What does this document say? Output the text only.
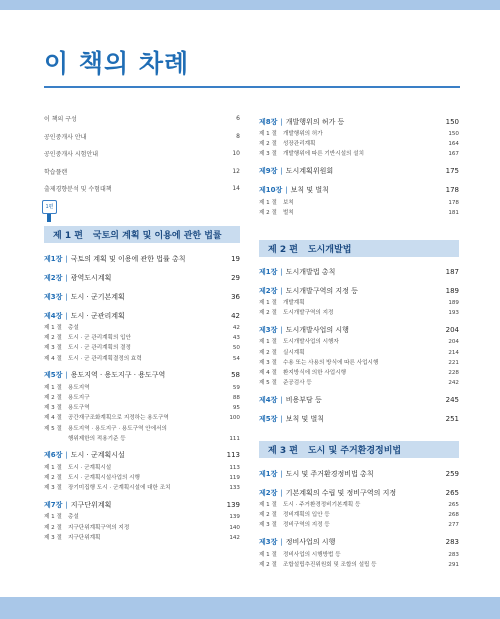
이 책의 차례
이 책의 구성	6
공인중개사 안내	8
공인중개사 시험안내	10
학습플랜	12
출제경향분석 및 수험대책	14
1편
제 1 편 국토의 계획 및 이용에 관한 법률
제 2 편 도시개발법
제 3 편 도시 및 주거환경정비법
제1장 | 국토의 계획 및 이용에 관한 법률 총칙	19
제2장 | 광역도시계획	29
제3장 | 도시 · 군기본계획	36
제4장 | 도시 · 군관리계획	42
제 1 절	총설	42
제 2 절	도시 · 군 관리계획의 입안	43
제 3 절	도시 · 군 관리계획의 결정	50
제 4 절	도시 · 군 관리계획결정의 효력	54
제5장 | 용도지역 · 용도지구 · 용도구역	58
제 1 절	용도지역	59
제 2 절	용도지구	88
제 3 절	용도구역	95
제 4 절	공간재구조화계획으로 지정하는 용도구역	100
제 5 절	용도지역 · 용도지구 · 용도구역 안에서의
행위제한의 적용기준 등	111
제6장 | 도시 · 군계획시설	113
제 1 절	도시 · 군계획시설	113
제 2 절	도시 · 군계획시설사업의 시행	119
제 3 절	장기미집행 도시 · 군계획시설에 대한 조치	133
제7장 | 지구단위계획	139
제 1 절	총설	139
제 2 절	지구단위계획구역의 지정	140
제 3 절	지구단위계획	142
제8장 | 개발행위의 허가 등	150
제 1 절	개발행위의 허가	150
제 2 절	성장관리계획	164
제 3 절	개발행위에 따른 기반시설의 설치	167
제9장 | 도시계획위원회	175
제10장 | 보칙 및 벌칙	178
제 1 절	보칙	178
제 2 절	벌칙	181
제1장 | 도시개발법 총칙	187
제2장 | 도시개발구역의 지정 등	189
제 1 절	개발계획	189
제 2 절	도시개발구역의 지정	193
제3장 | 도시개발사업의 시행	204
제 1 절	도시개발사업의 시행자	204
제 2 절	실시계획	214
제 3 절	수용 또는 사용의 방식에 따른 사업시행	221
제 4 절	환지방식에 의한 사업시행	228
제 5 절	준공검사 등	242
제4장 | 비용부담 등	245
제5장 | 보칙 및 벌칙	251
제1장 | 도시 및 주거환경정비법 총칙	259
제2장 | 기본계획의 수립 및 정비구역의 지정	265
제 1 절	도시 · 주거환경정비기본계획 등	265
제 2 절	정비계획의 입안 등	268
제 3 절	정비구역의 지정 등	277
제3장 | 정비사업의 시행	283
제 1 절	정비사업의 시행방법 등	283
제 2 절	조합설립추진위원회 및 조합의 설립 등	291
